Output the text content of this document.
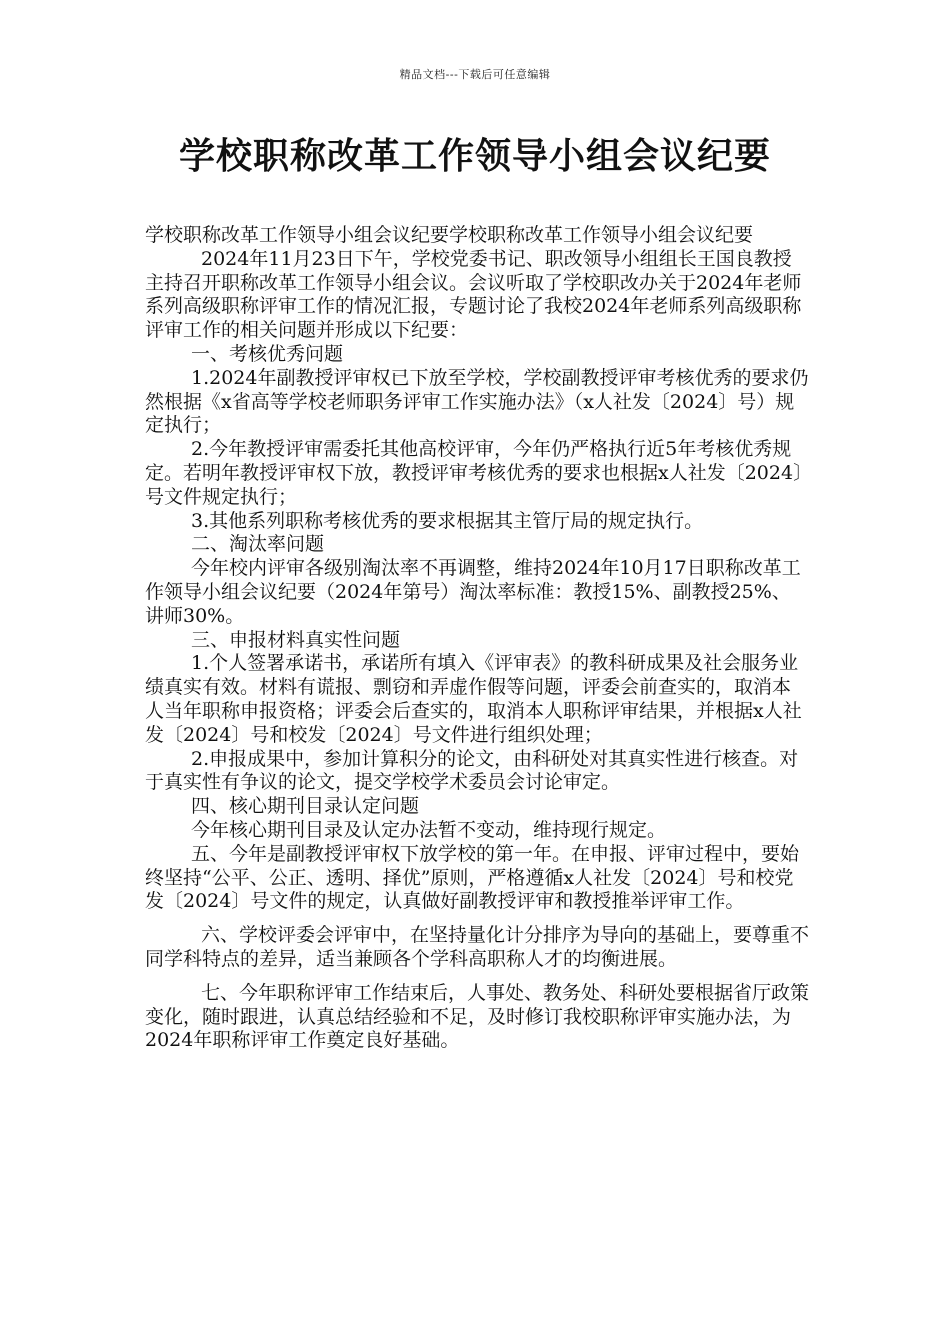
精品文档---下载后可任意编辑
学校职称改革工作领导小组会议纪要

学校职称改革工作领导小组会议纪要学校职称改革工作领导小组会议纪要

2024年11月23日下午，学校党委书记、职改领导小组组长王国良教授主持召开职称改革工作领导小组会议。会议听取了学校职改办关于2024年老师系列高级职称评审工作的情况汇报，专题讨论了我校2024年老师系列高级职称评审工作的相关问题并形成以下纪要：

一、考核优秀问题

1.2024年副教授评审权已下放至学校，学校副教授评审考核优秀的要求仍然根据《x省高等学校老师职务评审工作实施办法》（x人社发〔2024〕号）规定执行；

2.今年教授评审需委托其他高校评审，今年仍严格执行近5年考核优秀规定。若明年教授评审权下放，教授评审考核优秀的要求也根据x人社发〔2024〕号文件规定执行；

3.其他系列职称考核优秀的要求根据其主管厅局的规定执行。

二、淘汰率问题

今年校内评审各级别淘汰率不再调整，维持2024年10月17日职称改革工作领导小组会议纪要（2024年第号）淘汰率标准：教授15%、副教授25%、讲师30%。

三、申报材料真实性问题

1.个人签署承诺书，承诺所有填入《评审表》的教科研成果及社会服务业绩真实有效。材料有谎报、剽窃和弄虚作假等问题，评委会前查实的，取消本人当年职称申报资格；评委会后查实的，取消本人职称评审结果，并根据x人社发〔2024〕号和校发〔2024〕号文件进行组织处理；

2.申报成果中，参加计算积分的论文，由科研处对其真实性进行核查。对于真实性有争议的论文，提交学校学术委员会讨论审定。

四、核心期刊目录认定问题

今年核心期刊目录及认定办法暂不变动，维持现行规定。

五、今年是副教授评审权下放学校的第一年。在申报、评审过程中，要始终坚持“公平、公正、透明、择优”原则，严格遵循x人社发〔2024〕号和校党发〔2024〕号文件的规定，认真做好副教授评审和教授推举评审工作。

六、学校评委会评审中，在坚持量化计分排序为导向的基础上，要尊重不同学科特点的差异，适当兼顾各个学科高职称人才的均衡进展。

七、今年职称评审工作结束后，人事处、教务处、科研处要根据省厅政策变化，随时跟进，认真总结经验和不足，及时修订我校职称评审实施办法，为2024年职称评审工作奠定良好基础。
